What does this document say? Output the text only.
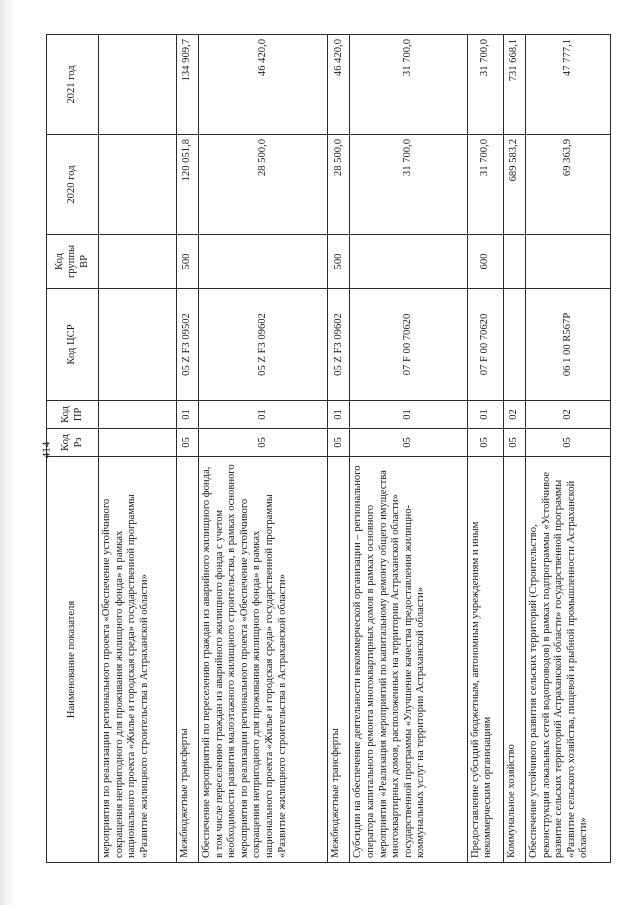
414
Наименование показателя	Код Рз	Код ПР	Код ЦСР	Код группы ВР	2020 год	2021 год
мероприятия по реализации регионального проекта «Обеспечение устойчивого сокращения непригодного для проживания жилищного фонда» в рамках национального проекта «Жилье и городская среда» государственной программы «Развитие жилищного строительства в Астраханской области»						
Межбюджетные трансферты	05	01	05 Z F3 09502	500	120 051,8	134 909,7
Обеспечение мероприятий по переселению граждан из аварийного жилищного фонда, в том числе переселению граждан из аварийного жилищного фонда с учетом необходимости развития малоэтажного жилищного строительства, в рамках основного мероприятия по реализации регионального проекта «Обеспечение устойчивого сокращения непригодного для проживания жилищного фонда» в рамках национального проекта «Жилье и городская среда» государственной программы «Развитие жилищного строительства в Астраханской области»	05	01	05 Z F3 09602		28 500,0	46 420,0
Межбюджетные трансферты	05	01	05 Z F3 09602	500	28 500,0	46 420,0
Субсидии на обеспечение деятельности некоммерческой организации – регионального оператора капитального ремонта многоквартирных домов в рамках основного мероприятия «Реализация мероприятий по капитальному ремонту общего имущества многоквартирных домов, расположенных на территории Астраханской области» государственной программы «Улучшение качества предоставления жилищно-коммунальных услуг на территории Астраханской области»	05	01	07 F 00 70620		31 700,0	31 700,0
Предоставление субсидий бюджетным, автономным учреждениям и иным некоммерческим организациям	05	01	07 F 00 70620	600	31 700,0	31 700,0
Коммунальное хозяйство	05	02			689 583,2	731 668,1
Обеспечение устойчивого развития сельских территорий (Строительство, реконструкция локальных сетей водопроводов) в рамках подпрограммы «Устойчивое развитие сельских территорий Астраханской области» государственной программы «Развитие сельского хозяйства, пищевой и рыбной промышленности Астраханской области»	05	02	06 1 00 R567P		69 363,9	47 777,1
